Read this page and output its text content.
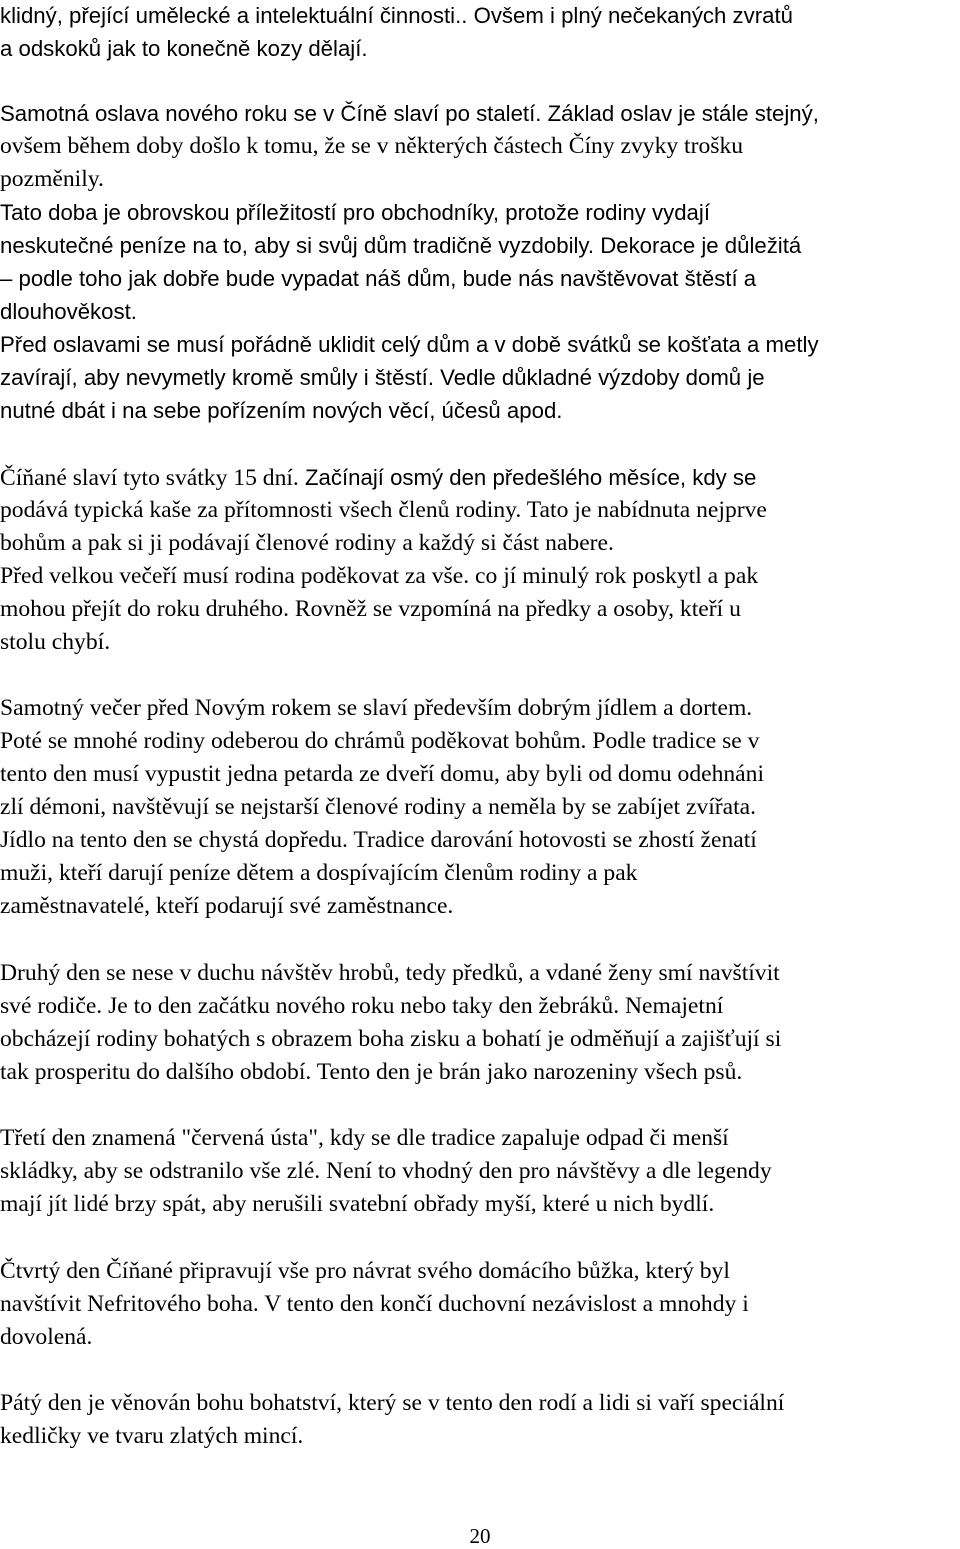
klidný, přející umělecké a intelektuální činnosti.. Ovšem i plný nečekaných zvratů
a odskoků jak to konečně kozy dělají.
Samotná oslava nového roku se v Číně slaví po staletí. Základ oslav je stále stejný,
ovšem během doby došlo k tomu, že se v některých částech Číny zvyky trošku
pozměnily.
Tato doba je obrovskou příležitostí pro obchodníky, protože rodiny vydají
neskutečné peníze na to, aby si svůj dům tradičně vyzdobily. Dekorace je důležitá
– podle toho jak dobře bude vypadat náš dům, bude nás navštěvovat štěstí a
dlouhověkost.
Před oslavami se musí pořádně uklidit celý dům a v době svátků se košťata a metly
zavírají, aby nevymetly kromě smůly i štěstí. Vedle důkladné výzdoby domů je
nutné dbát i na sebe pořízením nových věcí, účesů apod.
Číňané slaví tyto svátky 15 dní. Začínají osmý den předešlého měsíce, kdy se
podává typická kaše za přítomnosti všech členů rodiny. Tato je nabídnuta nejprve
bohům a pak si ji podávají členové rodiny a každý si část nabere.
Před velkou večeří musí rodina poděkovat za vše. co jí minulý rok poskytl a pak
mohou přejít do roku druhého. Rovněž se vzpomíná na předky a osoby, kteří u
stolu chybí.
Samotný večer před Novým rokem se slaví především dobrým jídlem a dortem.
Poté se mnohé rodiny odeberou do chrámů poděkovat bohům. Podle tradice se v
tento den musí vypustit jedna petarda ze dveří domu, aby byli od domu odehnáni
zlí démoni, navštěvují se nejstarší členové rodiny a neměla by se zabíjet zvířata.
Jídlo na tento den se chystá dopředu. Tradice darování hotovosti se zhostí ženatí
muži, kteří darují peníze dětem a dospívajícím členům rodiny a pak
zaměstnavatelé, kteří podarují své zaměstnance.
Druhý den se nese v duchu návštěv hrobů, tedy předků, a vdané ženy smí navštívit
své rodiče. Je to den začátku nového roku nebo taky den žebráků. Nemajetní
obcházejí rodiny bohatých s obrazem boha zisku a bohatí je odměňují a zajišťují si
tak prosperitu do dalšího období. Tento den je brán jako narozeniny všech psů.
Třetí den znamená "červená ústa", kdy se dle tradice zapaluje odpad či menší
skládky, aby se odstranilo vše zlé. Není to vhodný den pro návštěvy a dle legendy
mají jít lidé brzy spát, aby nerušili svatební obřady myší, které u nich bydlí.
Čtvrtý den Číňané připravují vše pro návrat svého domácího bůžka, který byl
navštívit Nefritového boha. V tento den končí duchovní nezávislost a mnohdy i
dovolená.
Pátý den je věnován bohu bohatství, který se v tento den rodí a lidi si vaří speciální
kedličky ve tvaru zlatých mincí.
20
